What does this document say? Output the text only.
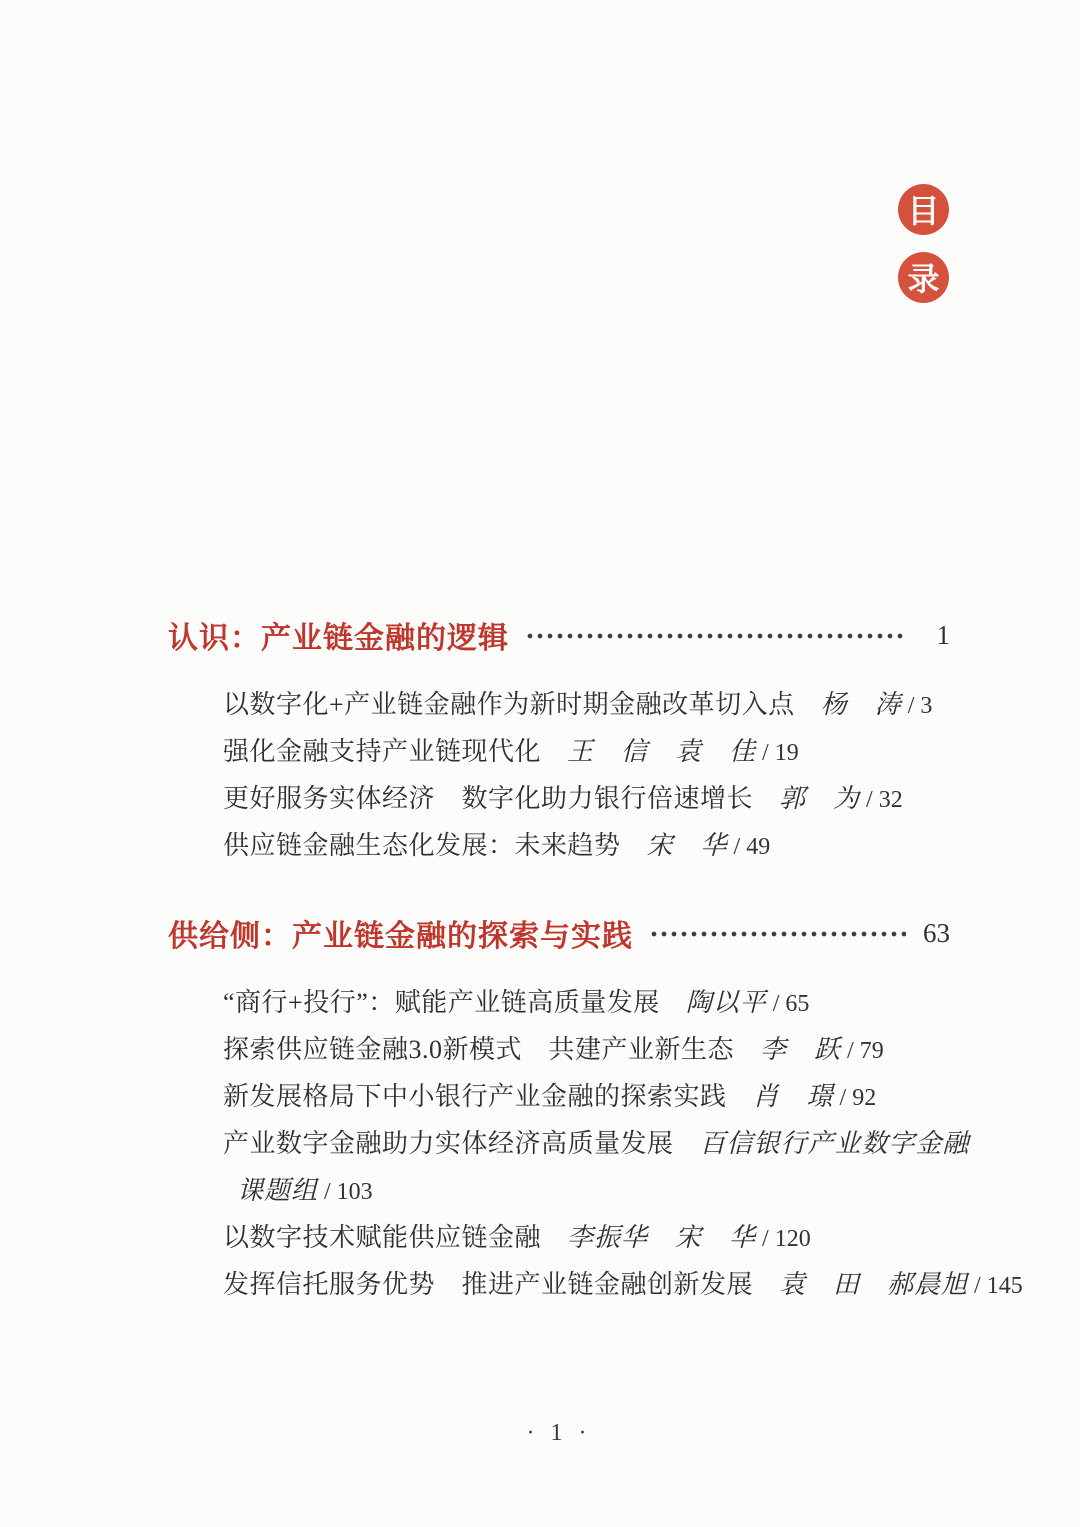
目
录
认识：产业链金融的逻辑	1

以数字化+产业链金融作为新时期金融改革切入点 杨　涛 / 3

强化金融支持产业链现代化 王　信　袁　佳 / 19

更好服务实体经济　数字化助力银行倍速增长 郭　为 / 32

供应链金融生态化发展：未来趋势 宋　华 / 49

供给侧：产业链金融的探索与实践	63

“商行+投行”：赋能产业链高质量发展 陶以平 / 65

探索供应链金融3.0新模式　共建产业新生态 李　跃 / 79

新发展格局下中小银行产业金融的探索实践 肖　璟 / 92

产业数字金融助力实体经济高质量发展 百信银行产业数字金融

课题组 / 103

以数字技术赋能供应链金融 李振华　宋　华 / 120

发挥信托服务优势　推进产业链金融创新发展 袁　田　郝晨旭 / 145

· 1 ·
